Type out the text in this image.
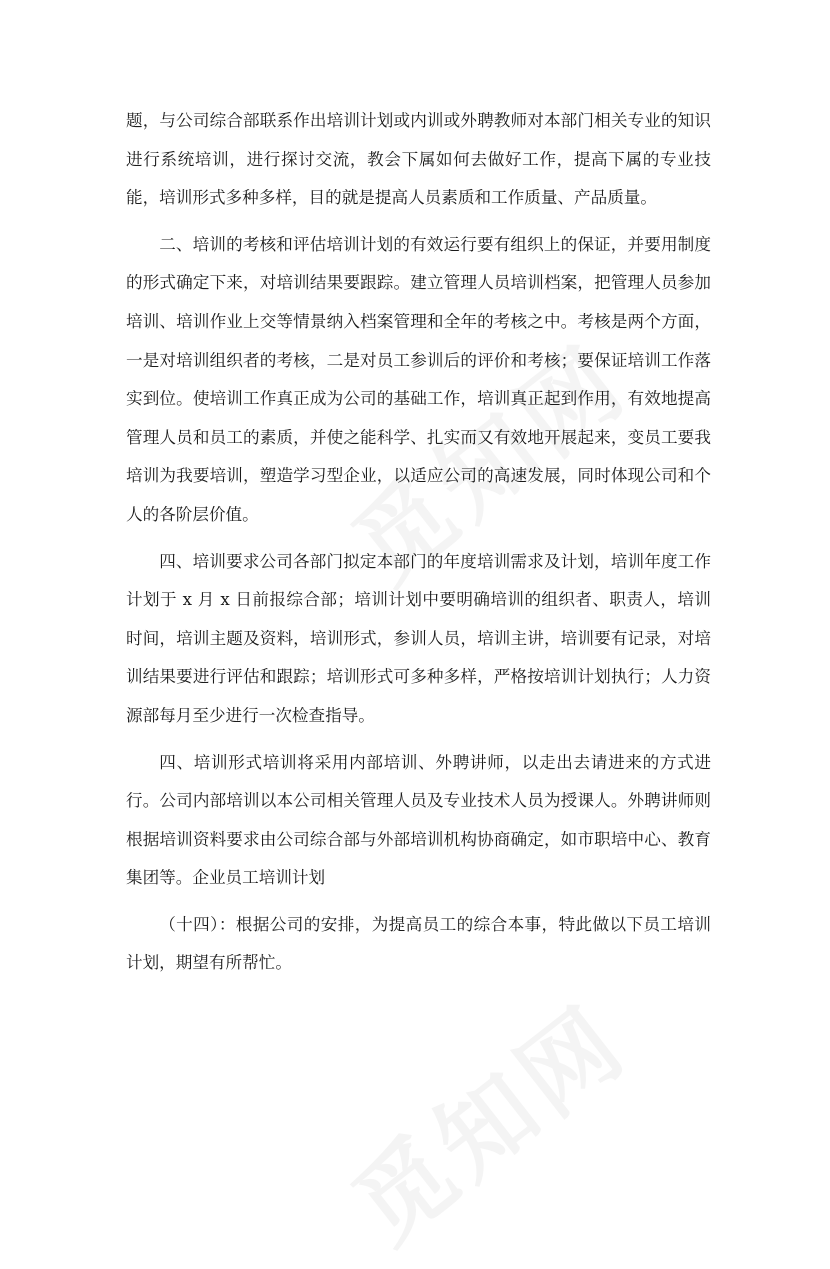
题，与公司综合部联系作出培训计划或内训或外聘教师对本部门相关专业的知识进行系统培训，进行探讨交流，教会下属如何去做好工作，提高下属的专业技能，培训形式多种多样，目的就是提高人员素质和工作质量、产品质量。

二、培训的考核和评估培训计划的有效运行要有组织上的保证，并要用制度的形式确定下来，对培训结果要跟踪。建立管理人员培训档案，把管理人员参加培训、培训作业上交等情景纳入档案管理和全年的考核之中。考核是两个方面，一是对培训组织者的考核，二是对员工参训后的评价和考核；要保证培训工作落实到位。使培训工作真正成为公司的基础工作，培训真正起到作用，有效地提高管理人员和员工的素质，并使之能科学、扎实而又有效地开展起来，变员工要我培训为我要培训，塑造学习型企业，以适应公司的高速发展，同时体现公司和个人的各阶层价值。

四、培训要求公司各部门拟定本部门的年度培训需求及计划，培训年度工作计划于 x 月 x 日前报综合部；培训计划中要明确培训的组织者、职责人，培训时间，培训主题及资料，培训形式，参训人员，培训主讲，培训要有记录，对培训结果要进行评估和跟踪；培训形式可多种多样，严格按培训计划执行；人力资源部每月至少进行一次检查指导。

四、培训形式培训将采用内部培训、外聘讲师，以走出去请进来的方式进行。公司内部培训以本公司相关管理人员及专业技术人员为授课人。外聘讲师则根据培训资料要求由公司综合部与外部培训机构协商确定，如市职培中心、教育集团等。企业员工培训计划

（十四）：根据公司的安排，为提高员工的综合本事，特此做以下员工培训计划，期望有所帮忙。
